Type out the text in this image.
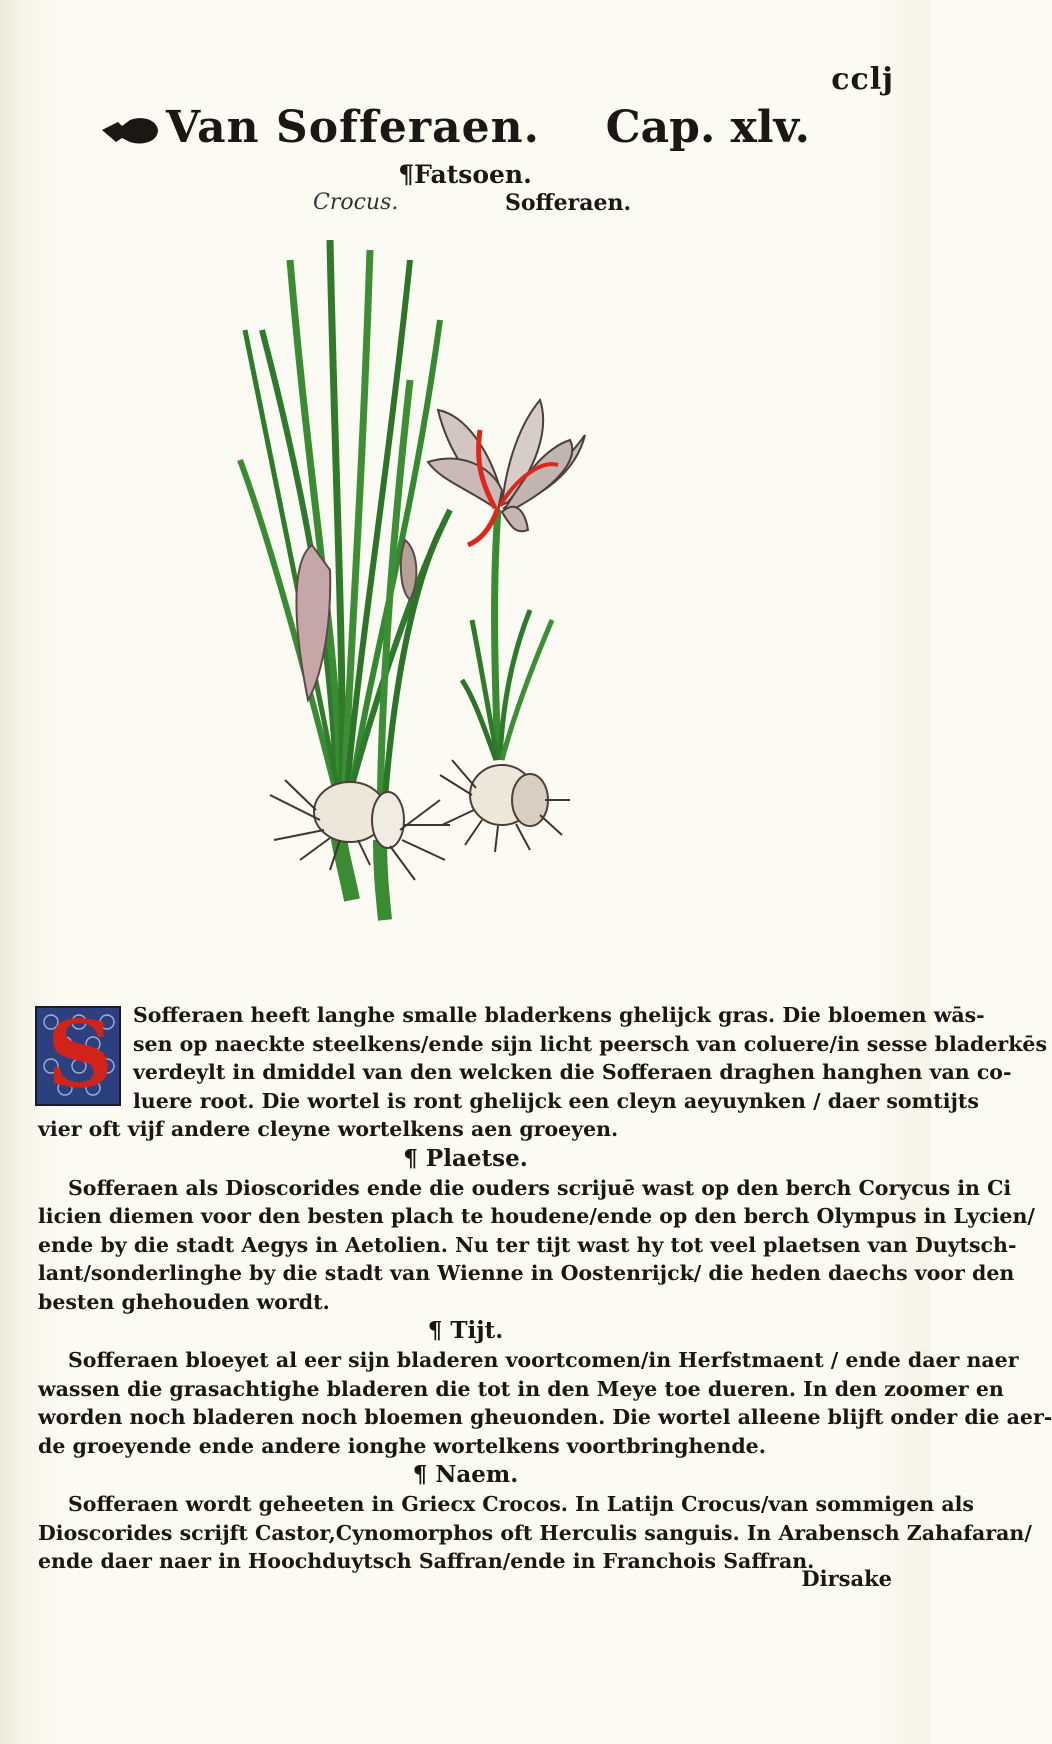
cclj
Van Sofferaen. Cap. xlv.
¶Fatsoen.
Crocus.	Sofferaen.
S Sofferaen heeft langhe smalle bladerkens ghelijck gras. Die bloemen wās-
sen op naeckte steelkens/ende sijn licht peersch van coluere/in sesse bladerkēs
verdeylt in dmiddel van den welcken die Sofferaen draghen hanghen van co-
luere root. Die wortel is ront ghelijck een cleyn aeyuynken / daer somtijts
vier oft vijf andere cleyne wortelkens aen groeyen.
¶ Plaetse.
Sofferaen als Dioscorides ende die ouders scrijuē wast op den berch Corycus in Ci
licien diemen voor den besten plach te houdene/ende op den berch Olympus in Lycien/
ende by die stadt Aegys in Aetolien. Nu ter tijt wast hy tot veel plaetsen van Duytsch-
lant/sonderlinghe by die stadt van Wienne in Oostenrijck/ die heden daechs voor den
besten ghehouden wordt.
¶ Tijt.
Sofferaen bloeyet al eer sijn bladeren voortcomen/in Herfstmaent / ende daer naer
wassen die grasachtighe bladeren die tot in den Meye toe dueren. In den zoomer en
worden noch bladeren noch bloemen gheuonden. Die wortel alleene blijft onder die aer-
de groeyende ende andere ionghe wortelkens voortbringhende.
¶ Naem.
Sofferaen wordt geheeten in Griecx Crocos. In Latijn Crocus/van sommigen als
Dioscorides scrijft Castor,Cynomorphos oft Herculis sanguis. In Arabensch Zahafaran/
ende daer naer in Hoochduytsch Saffran/ende in Franchois Saffran.
Dirsake
